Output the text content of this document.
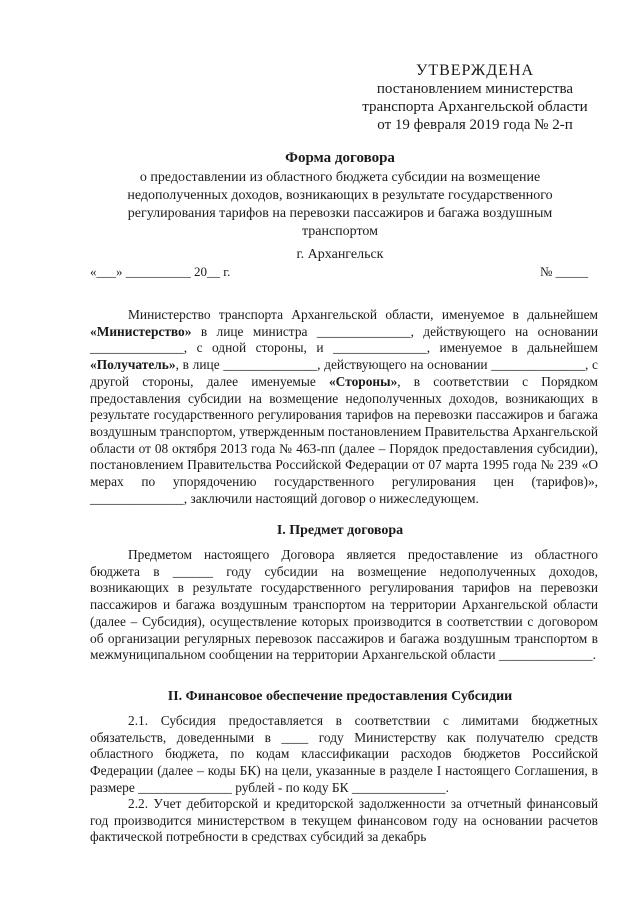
УТВЕРЖДЕНА
постановлением министерства
транспорта Архангельской области
от 19 февраля 2019 года № 2-п
Форма договора
о предоставлении из областного бюджета субсидии на возмещение недополученных доходов, возникающих в результате государственного регулирования тарифов на перевозки пассажиров и багажа воздушным транспортом
г. Архангельск
«___» __________ 20__ г.	№ _____
Министерство транспорта Архангельской области, именуемое в дальнейшем «Министерство» в лице министра ______________, действующего на основании ______________, с одной стороны, и ______________, именуемое в дальнейшем «Получатель», в лице ______________, действующего на основании ______________, с другой стороны, далее именуемые «Стороны», в соответствии с Порядком предоставления субсидии на возмещение недополученных доходов, возникающих в результате государственного регулирования тарифов на перевозки пассажиров и багажа воздушным транспортом, утвержденным постановлением Правительства Архангельской области от 08 октября 2013 года № 463-пп (далее – Порядок предоставления субсидии), постановлением Правительства Российской Федерации от 07 марта 1995 года № 239 «О мерах по упорядочению государственного регулирования цен (тарифов)», ______________, заключили настоящий договор о нижеследующем.
I. Предмет договора
Предметом настоящего Договора является предоставление из областного бюджета в ______ году субсидии на возмещение недополученных доходов, возникающих в результате государственного регулирования тарифов на перевозки пассажиров и багажа воздушным транспортом на территории Архангельской области (далее – Субсидия), осуществление которых производится в соответствии с договором об организации регулярных перевозок пассажиров и багажа воздушным транспортом в межмуниципальном сообщении на территории Архангельской области ______________.
II. Финансовое обеспечение предоставления Субсидии
2.1. Субсидия предоставляется в соответствии с лимитами бюджетных обязательств, доведенными в ____ году Министерству как получателю средств областного бюджета, по кодам классификации расходов бюджетов Российской Федерации (далее – коды БК) на цели, указанные в разделе I настоящего Соглашения, в размере ______________ рублей - по коду БК ______________.
2.2. Учет дебиторской и кредиторской задолженности за отчетный финансовый год производится министерством в текущем финансовом году на основании расчетов фактической потребности в средствах субсидий за декабрь
